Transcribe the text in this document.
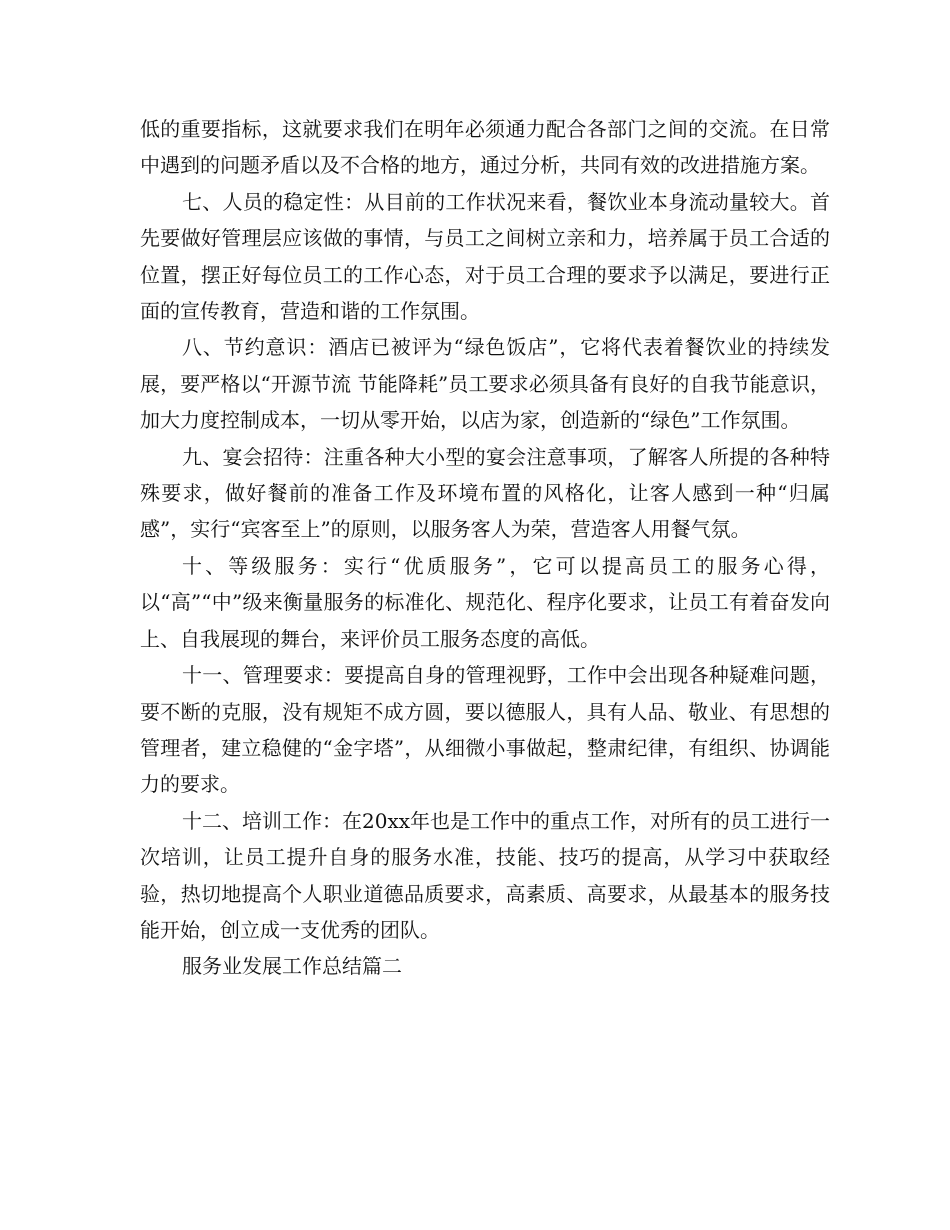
低的重要指标，这就要求我们在明年必须通力配合各部门之间的交流。在日常中遇到的问题矛盾以及不合格的地方，通过分析，共同有效的改进措施方案。

七、人员的稳定性：从目前的工作状况来看，餐饮业本身流动量较大。首先要做好管理层应该做的事情，与员工之间树立亲和力，培养属于员工合适的位置，摆正好每位员工的工作心态，对于员工合理的要求予以满足，要进行正面的宣传教育，营造和谐的工作氛围。

八、节约意识：酒店已被评为“绿色饭店”，它将代表着餐饮业的持续发展，要严格以“开源节流 节能降耗”员工要求必须具备有良好的自我节能意识，加大力度控制成本，一切从零开始，以店为家，创造新的“绿色”工作氛围。

九、宴会招待：注重各种大小型的宴会注意事项，了解客人所提的各种特殊要求，做好餐前的准备工作及环境布置的风格化，让客人感到一种“归属感”，实行“宾客至上”的原则，以服务客人为荣，营造客人用餐气氛。

十、等级服务：实行“优质服务”，它可以提高员工的服务心得，以“高”“中”级来衡量服务的标准化、规范化、程序化要求，让员工有着奋发向上、自我展现的舞台，来评价员工服务态度的高低。

十一、管理要求：要提高自身的管理视野，工作中会出现各种疑难问题，要不断的克服，没有规矩不成方圆，要以德服人，具有人品、敬业、有思想的管理者，建立稳健的“金字塔”，从细微小事做起，整肃纪律，有组织、协调能力的要求。

十二、培训工作：在20xx年也是工作中的重点工作，对所有的员工进行一次培训，让员工提升自身的服务水准，技能、技巧的提高，从学习中获取经验，热切地提高个人职业道德品质要求，高素质、高要求，从最基本的服务技能开始，创立成一支优秀的团队。

服务业发展工作总结篇二
